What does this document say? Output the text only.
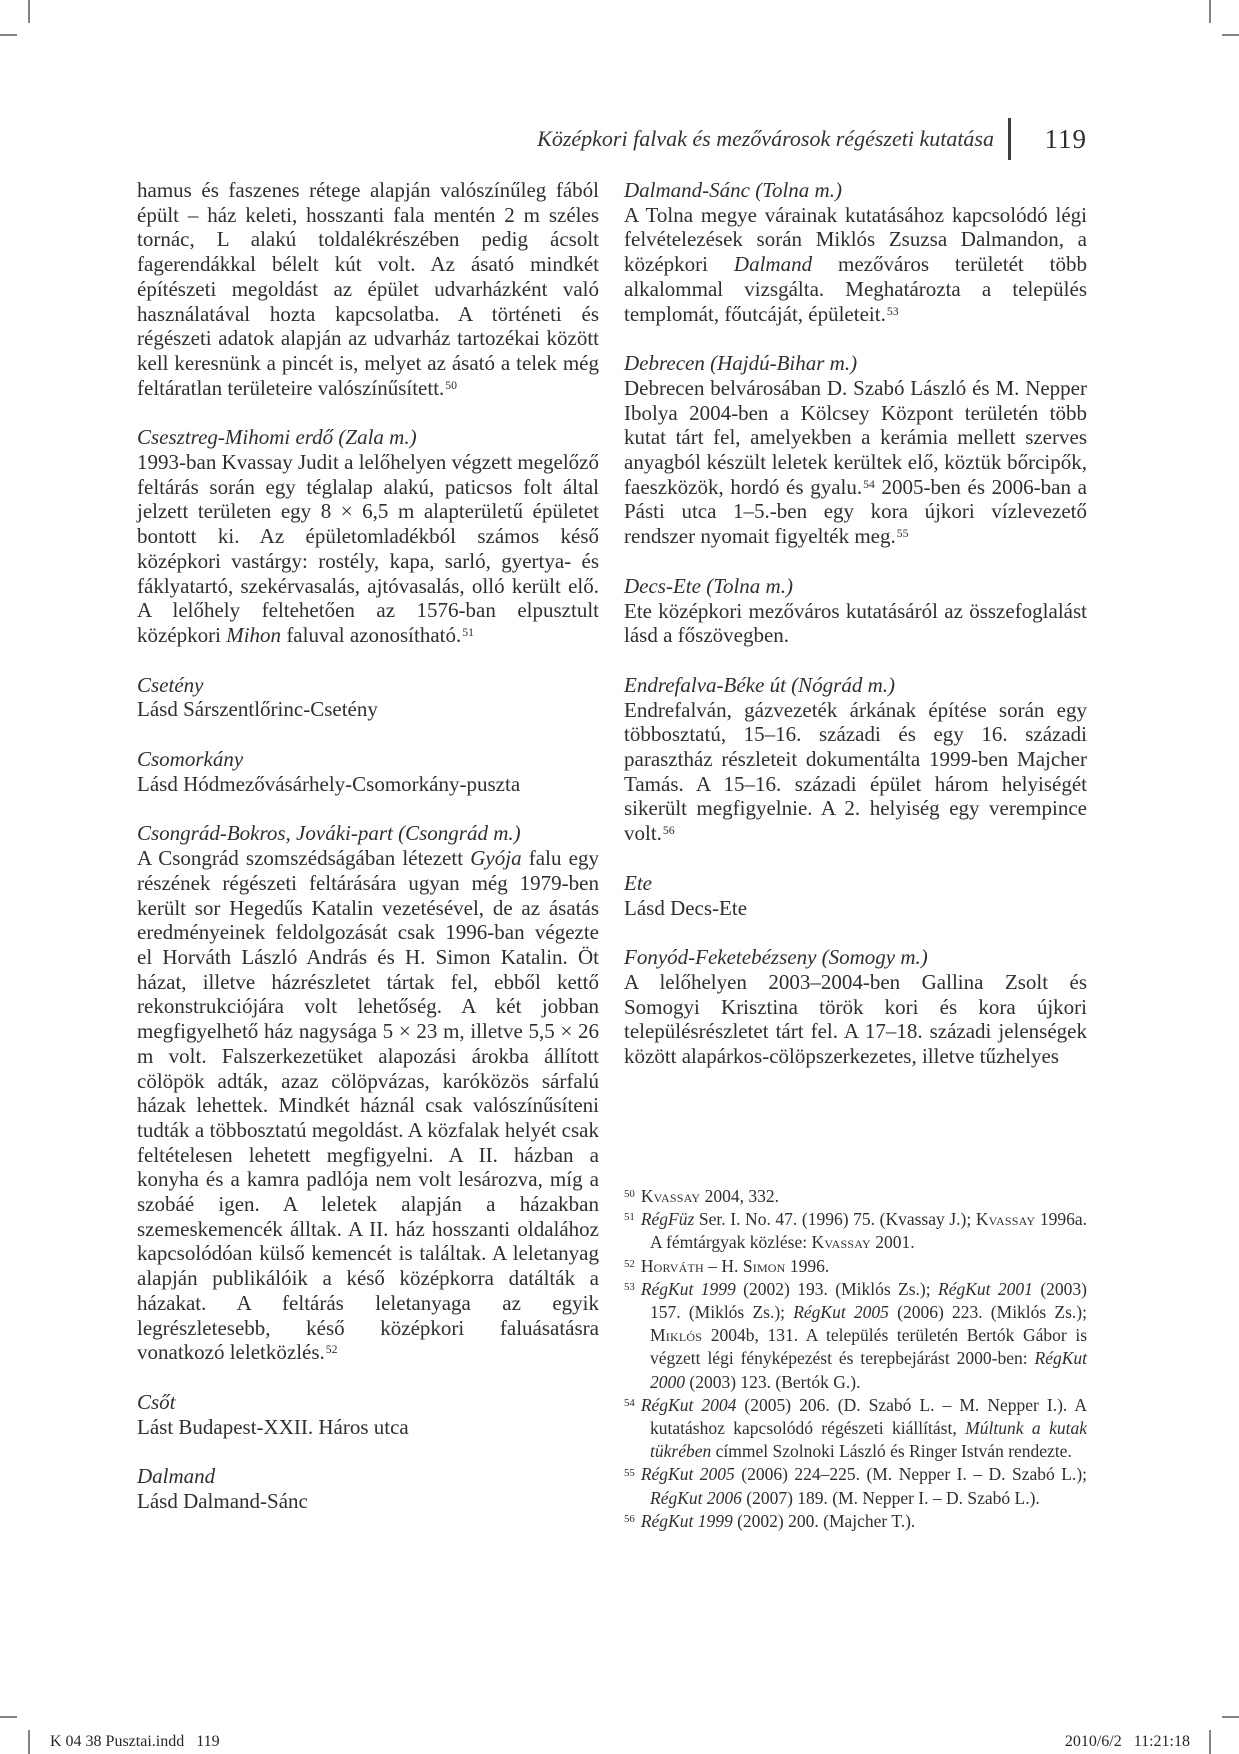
Középkori falvak és mezővárosok régészeti kutatása	119

hamus és faszenes rétege alapján valószínűleg fából épült – ház keleti, hosszanti fala mentén 2 m széles tornác, L alakú toldalékrészében pedig ácsolt fagerendákkal bélelt kút volt. Az ásató mindkét építészeti megoldást az épület udvarházként való használatával hozta kapcsolatba. A történeti és régészeti adatok alapján az udvarház tartozékai között kell keresnünk a pincét is, melyet az ásató a telek még feltáratlan területeire valószínűsített.$^{50}$

Csesztreg-Mihomi erdő (Zala m.)

1993-ban Kvassay Judit a lelőhelyen végzett megelőző feltárás során egy téglalap alakú, paticsos folt által jelzett területen egy 8 × 6,5 m alapterületű épületet bontott ki. Az épületomladékból számos késő középkori vastárgy: rostély, kapa, sarló, gyertya- és fáklyatartó, szekérvasalás, ajtóvasalás, olló került elő. A lelőhely feltehetően az 1576-ban elpusztult középkori Mihon faluval azonosítható.$^{51}$

Csetény

Lásd Sárszentlőrinc-Csetény

Csomorkány

Lásd Hódmezővásárhely-Csomorkány-puszta

Csongrád-Bokros, Jováki-part (Csongrád m.)

A Csongrád szomszédságában létezett Gyója falu egy részének régészeti feltárására ugyan még 1979-ben került sor Hegedűs Katalin vezetésével, de az ásatás eredményeinek feldolgozását csak 1996-ban végezte el Horváth László András és H. Simon Katalin. Öt házat, illetve házrészletet tártak fel, ebből kettő rekonstrukciójára volt lehetőség. A két jobban megfigyelhető ház nagysága 5 × 23 m, illetve 5,5 × 26 m volt. Falszerkezetüket alapozási árokba állított cölöpök adták, azaz cölöpvázas, karóközös sárfalú házak lehettek. Mindkét háznál csak valószínűsíteni tudták a többosztatú megoldást. A közfalak helyét csak feltételesen lehetett megfigyelni. A II. házban a konyha és a kamra padlója nem volt lesározva, míg a szobáé igen. A leletek alapján a házakban szemeskemencék álltak. A II. ház hosszanti oldalához kapcsolódóan külső kemencét is találtak. A leletanyag alapján publikálóik a késő középkorra datálták a házakat. A feltárás leletanyaga az egyik legrészletesebb, késő középkori faluásatásra vonatkozó leletközlés.$^{52}$

Csőt

Lást Budapest-XXII. Háros utca

Dalmand

Lásd Dalmand-Sánc

$^{50}$ Kvassay 2004, 332.
$^{51}$ RégFüz Ser. I. No. 47. (1996) 75. (Kvassay J.); Kvassay 1996a. A fémtárgyak közlése: Kvassay 2001.
$^{52}$ Horváth – H. Simon 1996.
$^{53}$ RégKut 1999 (2002) 193. (Miklós Zs.); RégKut 2001 (2003) 157. (Miklós Zs.); RégKut 2005 (2006) 223. (Miklós Zs.); Miklós 2004b, 131. A település területén Bertók Gábor is végzett légi fényképezést és terepbejárást 2000-ben: RégKut 2000 (2003) 123. (Bertók G.).
$^{54}$ RégKut 2004 (2005) 206. (D. Szabó L. – M. Nepper I.). A kutatáshoz kapcsolódó régészeti kiállítást, Múltunk a kutak tükrében címmel Szolnoki László és Ringer István rendezte.
$^{55}$ RégKut 2005 (2006) 224–225. (M. Nepper I. – D. Szabó L.); RégKut 2006 (2007) 189. (M. Nepper I. – D. Szabó L.).
$^{56}$ RégKut 1999 (2002) 200. (Majcher T.).
Dalmand-Sánc (Tolna m.)

A Tolna megye várainak kutatásához kapcsolódó légi felvételezések során Miklós Zsuzsa Dalmandon, a középkori Dalmand mezőváros területét több alkalommal vizsgálta. Meghatározta a település templomát, főutcáját, épületeit.$^{53}$

Debrecen (Hajdú-Bihar m.)

Debrecen belvárosában D. Szabó László és M. Nepper Ibolya 2004-ben a Kölcsey Központ területén több kutat tárt fel, amelyekben a kerámia mellett szerves anyagból készült leletek kerültek elő, köztük bőrcipők, faeszközök, hordó és gyalu.$^{54}$ 2005-ben és 2006-ban a Pásti utca 1–5.-ben egy kora újkori vízlevezető rendszer nyomait figyelték meg.$^{55}$

Decs-Ete (Tolna m.)

Ete középkori mezőváros kutatásáról az összefoglalást lásd a főszövegben.

Endrefalva-Béke út (Nógrád m.)

Endrefalván, gázvezeték árkának építése során egy többosztatú, 15–16. századi és egy 16. századi parasztház részleteit dokumentálta 1999-ben Majcher Tamás. A 15–16. századi épület három helyiségét sikerült megfigyelnie. A 2. helyiség egy verempince volt.$^{56}$

Ete

Lásd Decs-Ete

Fonyód-Feketebézseny (Somogy m.)

A lelőhelyen 2003–2004-ben Gallina Zsolt és Somogyi Krisztina török kori és kora újkori településrészletet tárt fel. A 17–18. századi jelenségek között alapárkos-cölöpszerkezetes, illetve tűzhelyes

K 04 38 Pusztai.indd   119	2010/6/2   11:21:18
